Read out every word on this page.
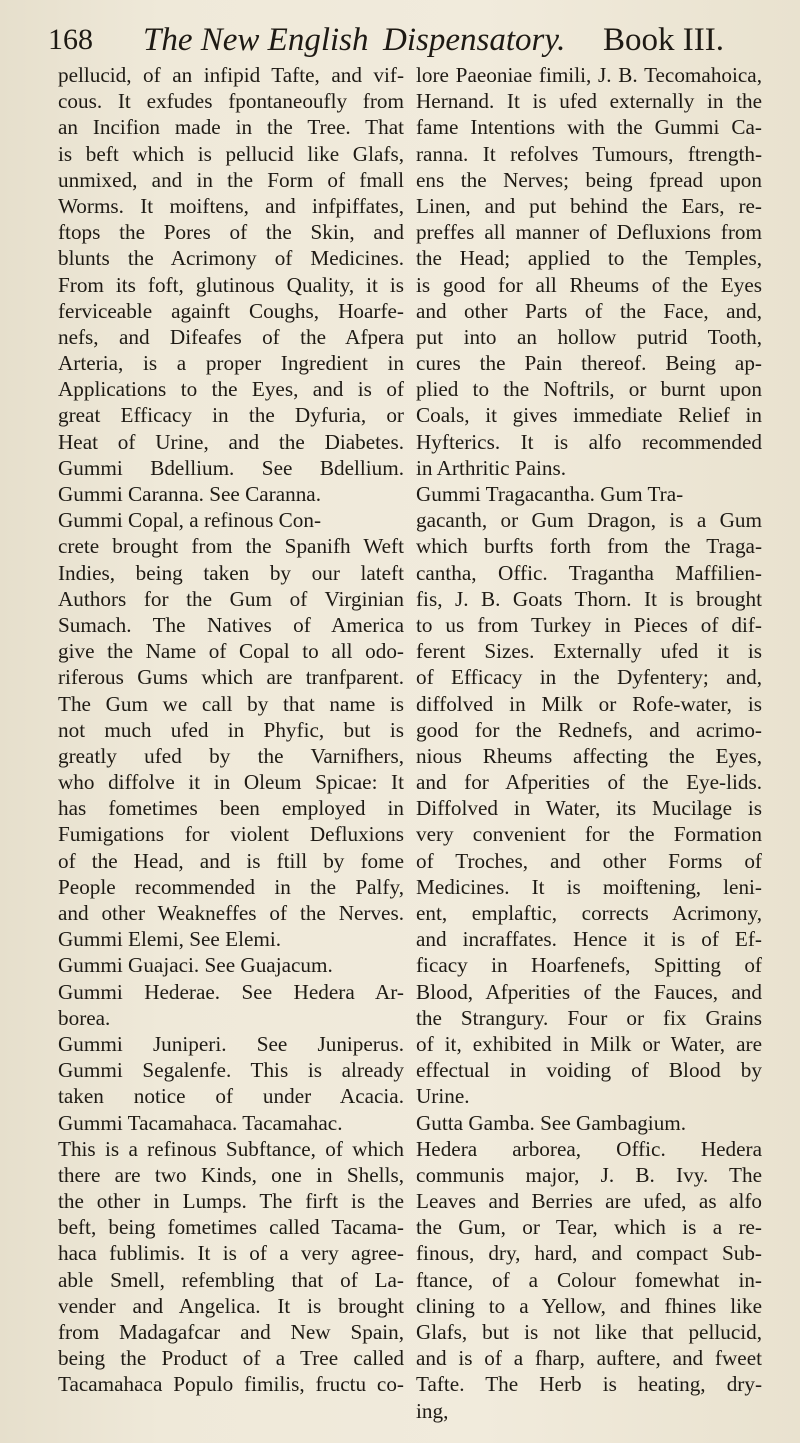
168 The New English Dispensatory. Book III.
pellucid, of an infipid Tafte, and vif-
cous. It exfudes fpontaneoufly from
an Incifion made in the Tree. That
is beft which is pellucid like Glafs,
unmixed, and in the Form of fmall
Worms. It moiftens, and infpiffates,
ftops the Pores of the Skin, and
blunts the Acrimony of Medicines.
From its foft, glutinous Quality, it is
ferviceable againft Coughs, Hoarfe-
nefs, and Difeafes of the Afpera
Arteria, is a proper Ingredient in
Applications to the Eyes, and is of
great Efficacy in the Dyfuria, or
Heat of Urine, and the Diabetes.
Gummi Bdellium. See Bdellium.
Gummi Caranna. See Caranna.
Gummi Copal, a refinous Con-
crete brought from the Spanifh Weft
Indies, being taken by our lateft
Authors for the Gum of Virginian
Sumach. The Natives of America
give the Name of Copal to all odo-
riferous Gums which are tranfparent.
The Gum we call by that name is
not much ufed in Phyfic, but is
greatly ufed by the Varnifhers,
who diffolve it in Oleum Spicae: It
has fometimes been employed in
Fumigations for violent Defluxions
of the Head, and is ftill by fome
People recommended in the Palfy,
and other Weakneffes of the Nerves.
Gummi Elemi, See Elemi.
Gummi Guajaci. See Guajacum.
Gummi Hederae. See Hedera Ar-
borea.
Gummi Juniperi. See Juniperus.
Gummi Segalenfe. This is already
taken notice of under Acacia.
Gummi Tacamahaca. Tacamahac.
This is a refinous Subftance, of which
there are two Kinds, one in Shells,
the other in Lumps. The firft is the
beft, being fometimes called Tacama-
haca fublimis. It is of a very agree-
able Smell, refembling that of La-
vender and Angelica. It is brought
from Madagafcar and New Spain,
being the Product of a Tree called
Tacamahaca Populo fimilis, fructu co-
lore Paeoniae fimili, J. B. Tecomahoica,
Hernand. It is ufed externally in the
fame Intentions with the Gummi Ca-
ranna. It refolves Tumours, ftrength-
ens the Nerves; being fpread upon
Linen, and put behind the Ears, re-
preffes all manner of Defluxions from
the Head; applied to the Temples,
is good for all Rheums of the Eyes
and other Parts of the Face, and,
put into an hollow putrid Tooth,
cures the Pain thereof. Being ap-
plied to the Noftrils, or burnt upon
Coals, it gives immediate Relief in
Hyfterics. It is alfo recommended
in Arthritic Pains.
Gummi Tragacantha. Gum Tra-
gacanth, or Gum Dragon, is a Gum
which burfts forth from the Traga-
cantha, Offic. Tragantha Maffilien-
fis, J. B. Goats Thorn. It is brought
to us from Turkey in Pieces of dif-
ferent Sizes. Externally ufed it is
of Efficacy in the Dyfentery; and,
diffolved in Milk or Rofe-water, is
good for the Rednefs, and acrimo-
nious Rheums affecting the Eyes,
and for Afperities of the Eye-lids.
Diffolved in Water, its Mucilage is
very convenient for the Formation
of Troches, and other Forms of
Medicines. It is moiftening, leni-
ent, emplaftic, corrects Acrimony,
and incraffates. Hence it is of Ef-
ficacy in Hoarfenefs, Spitting of
Blood, Afperities of the Fauces, and
the Strangury. Four or fix Grains
of it, exhibited in Milk or Water, are
effectual in voiding of Blood by
Urine.
Gutta Gamba. See Gambagium.
Hedera arborea, Offic. Hedera
communis major, J. B. Ivy. The
Leaves and Berries are ufed, as alfo
the Gum, or Tear, which is a re-
finous, dry, hard, and compact Sub-
ftance, of a Colour fomewhat in-
clining to a Yellow, and fhines like
Glafs, but is not like that pellucid,
and is of a fharp, auftere, and fweet
Tafte. The Herb is heating, dry-
ing,
